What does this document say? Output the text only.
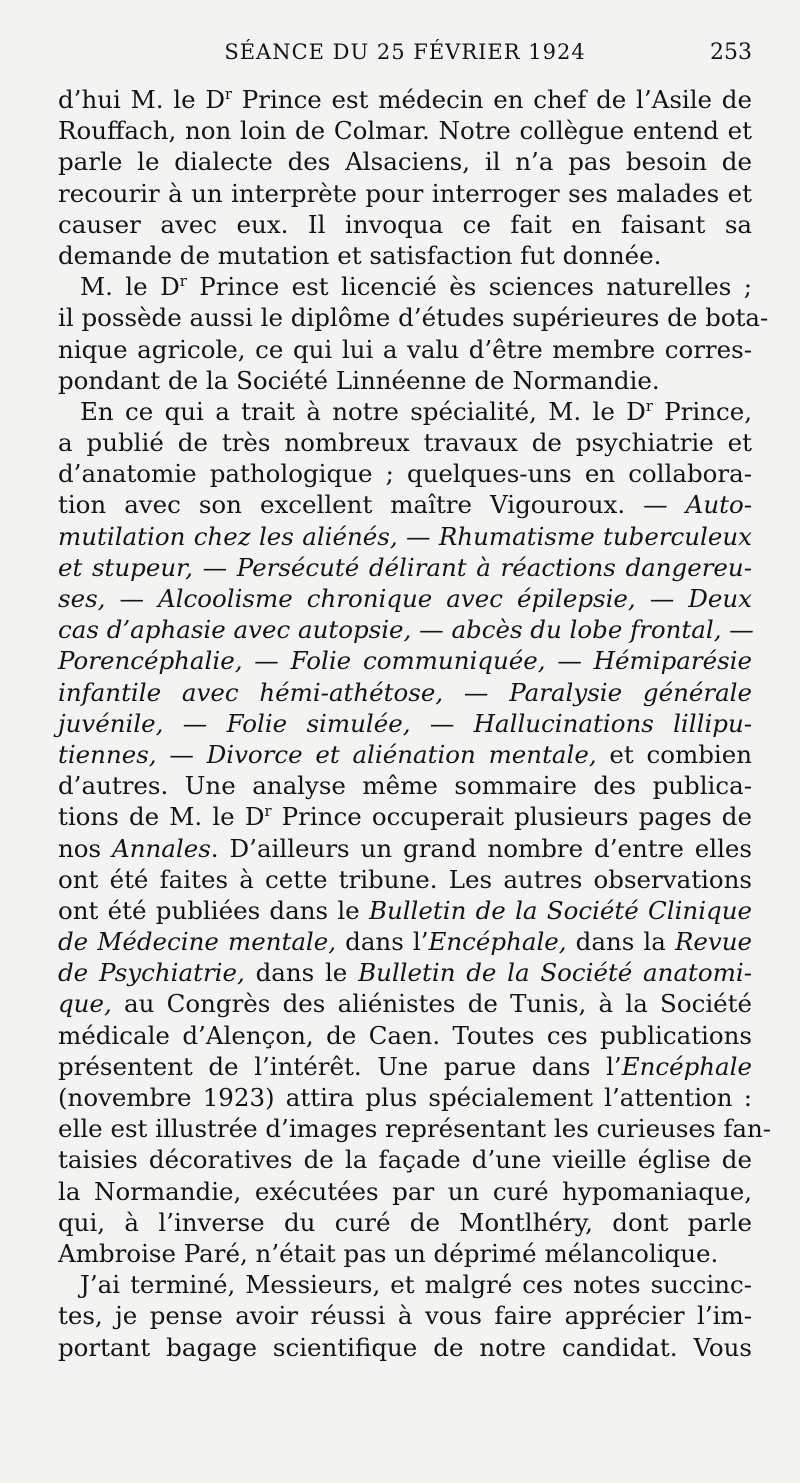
SÉANCE DU 25 FÉVRIER 1924	253
d’hui M. le $D^r$ Prince est médecin en chef de l’Asile de
Rouffach, non loin de Colmar. Notre collègue entend et
parle le dialecte des Alsaciens, il n’a pas besoin de
recourir à un interprète pour interroger ses malades et
causer avec eux. Il invoqua ce fait en faisant sa
demande de mutation et satisfaction fut donnée.
M. le $D^r$ Prince est licencié ès sciences naturelles ;
il possède aussi le diplôme d’études supérieures de bota-
nique agricole, ce qui lui a valu d’être membre corres-
pondant de la Société Linnéenne de Normandie.
En ce qui a trait à notre spécialité, M. le $D^r$ Prince,
a publié de très nombreux travaux de psychiatrie et
d’anatomie pathologique ; quelques-uns en collabora-
tion avec son excellent maître Vigouroux. — Auto-
mutilation chez les aliénés, — Rhumatisme tuberculeux
et stupeur, — Persécuté délirant à réactions dangereu-
ses, — Alcoolisme chronique avec épilepsie, — Deux
cas d’aphasie avec autopsie, — abcès du lobe frontal, —
Porencéphalie, — Folie communiquée, — Hémiparésie
infantile avec hémi-athétose, — Paralysie générale
juvénile, — Folie simulée, — Hallucinations lillipu-
tiennes, — Divorce et aliénation mentale, et combien
d’autres. Une analyse même sommaire des publica-
tions de M. le $D^r$ Prince occuperait plusieurs pages de
nos Annales. D’ailleurs un grand nombre d’entre elles
ont été faites à cette tribune. Les autres observations
ont été publiées dans le Bulletin de la Société Clinique
de Médecine mentale, dans l’Encéphale, dans la Revue
de Psychiatrie, dans le Bulletin de la Société anatomi-
que, au Congrès des aliénistes de Tunis, à la Société
médicale d’Alençon, de Caen. Toutes ces publications
présentent de l’intérêt. Une parue dans l’Encéphale
(novembre 1923) attira plus spécialement l’attention :
elle est illustrée d’images représentant les curieuses fan-
taisies décoratives de la façade d’une vieille église de
la Normandie, exécutées par un curé hypomaniaque,
qui, à l’inverse du curé de Montlhéry, dont parle
Ambroise Paré, n’était pas un déprimé mélancolique.
J’ai terminé, Messieurs, et malgré ces notes succinc-
tes, je pense avoir réussi à vous faire apprécier l’im-
portant bagage scientifique de notre candidat. Vous
